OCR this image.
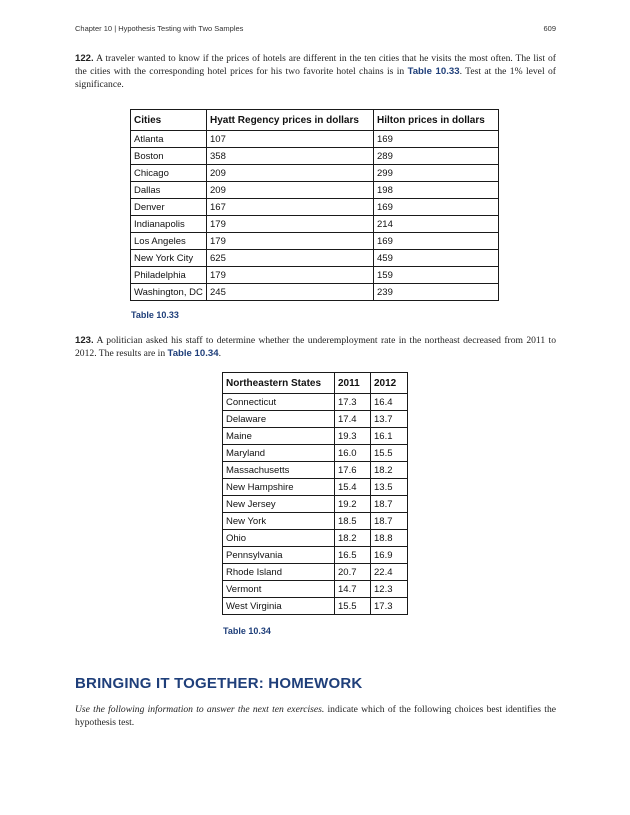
Chapter 10 | Hypothesis Testing with Two Samples	609

122. A traveler wanted to know if the prices of hotels are different in the ten cities that he visits the most often. The list of the cities with the corresponding hotel prices for his two favorite hotel chains is in Table 10.33. Test at the 1% level of significance.

Cities	Hyatt Regency prices in dollars	Hilton prices in dollars
Atlanta	107	169
Boston	358	289
Chicago	209	299
Dallas	209	198
Denver	167	169
Indianapolis	179	214
Los Angeles	179	169
New York City	625	459
Philadelphia	179	159
Washington, DC	245	239
Table 10.33

123. A politician asked his staff to determine whether the underemployment rate in the northeast decreased from 2011 to 2012. The results are in Table 10.34.

Northeastern States	2011	2012
Connecticut	17.3	16.4
Delaware	17.4	13.7
Maine	19.3	16.1
Maryland	16.0	15.5
Massachusetts	17.6	18.2
New Hampshire	15.4	13.5
New Jersey	19.2	18.7
New York	18.5	18.7
Ohio	18.2	18.8
Pennsylvania	16.5	16.9
Rhode Island	20.7	22.4
Vermont	14.7	12.3
West Virginia	15.5	17.3
Table 10.34
BRINGING IT TOGETHER: HOMEWORK

Use the following information to answer the next ten exercises. indicate which of the following choices best identifies the hypothesis test.
